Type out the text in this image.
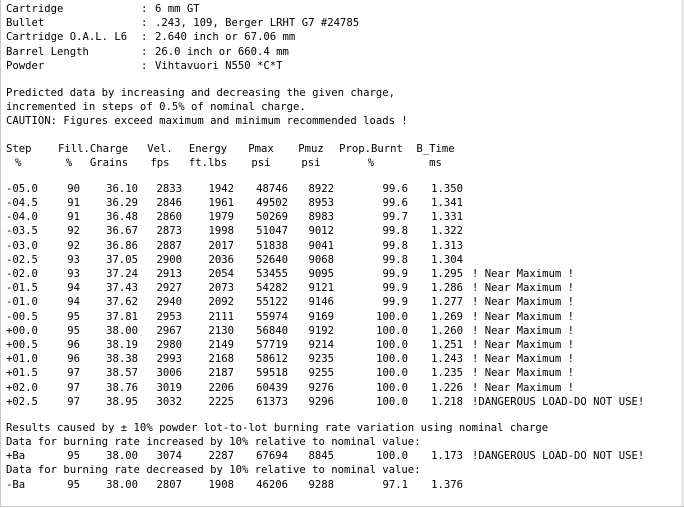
Cartridge	: 6 mm GT
Bullet	: .243, 109, Berger LRHT G7 #24785
Cartridge O.A.L. L6 : 2.640 inch or 67.06 mm
Barrel Length	: 26.0 inch or 660.4 mm
Powder	: Vihtavuori N550 *C*T
Predicted data by increasing and decreasing the given charge,
incremented in steps of 0.5% of nominal charge.
CAUTION: Figures exceed maximum and minimum recommended loads !
Step	Fill. Charge	Vel.	Energy	Pmax	Pmuz	Prop.Burnt	B_Time
%	%	Grains	fps	ft.lbs	psi	psi	%	ms
-05.0	90	36.10	2833	1942	48746	8922	99.6	1.350
-04.5	91	36.29	2846	1961	49502	8953	99.6	1.341
-04.0	91	36.48	2860	1979	50269	8983	99.7	1.331
-03.5	92	36.67	2873	1998	51047	9012	99.8	1.322
-03.0	92	36.86	2887	2017	51838	9041	99.8	1.313
-02.5	93	37.05	2900	2036	52640	9068	99.8	1.304
-02.0	93	37.24	2913	2054	53455	9095	99.9	1.295 ! Near Maximum !
-01.5	94	37.43	2927	2073	54282	9121	99.9	1.286 ! Near Maximum !
-01.0	94	37.62	2940	2092	55122	9146	99.9	1.277 ! Near Maximum !
-00.5	95	37.81	2953	2111	55974	9169	100.0	1.269 ! Near Maximum !
+00.0	95	38.00	2967	2130	56840	9192	100.0	1.260 ! Near Maximum !
+00.5	96	38.19	2980	2149	57719	9214	100.0	1.251 ! Near Maximum !
+01.0	96	38.38	2993	2168	58612	9235	100.0	1.243 ! Near Maximum !
+01.5	97	38.57	3006	2187	59518	9255	100.0	1.235 ! Near Maximum !
+02.0	97	38.76	3019	2206	60439	9276	100.0	1.226 ! Near Maximum !
+02.5	97	38.95	3032	2225	61373	9296	100.0	1.218 !DANGEROUS LOAD-DO NOT USE!
Results caused by ± 10% powder lot-to-lot burning rate variation using nominal charge
Data for burning rate increased by 10% relative to nominal value:
+Ba	95	38.00	3074	2287	67694	8845	100.0	1.173 !DANGEROUS LOAD-DO NOT USE!
Data for burning rate decreased by 10% relative to nominal value:
-Ba	95	38.00	2807	1908	46206	9288	97.1	1.376
